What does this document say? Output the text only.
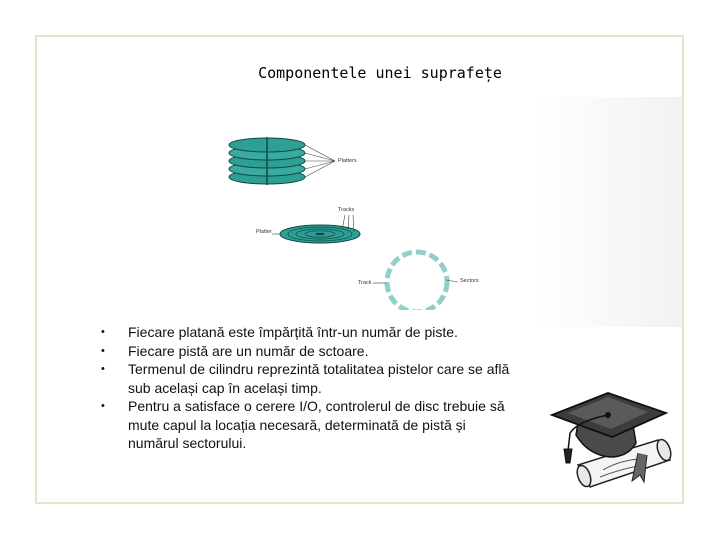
Componentele unei suprafețe
Platters
Tracks
Platter
Track	Sectors
• Fiecare platană este împărțită într-un număr de piste.
• Fiecare pistă are un număr de sctoare.
• Termenul de cilindru reprezintă totalitatea pistelor care se află sub același cap în același timp.
• Pentru a satisface o cerere I/O, controlerul de disc trebuie să mute capul la locația necesară, determinată de pistă și numărul sectorului.
